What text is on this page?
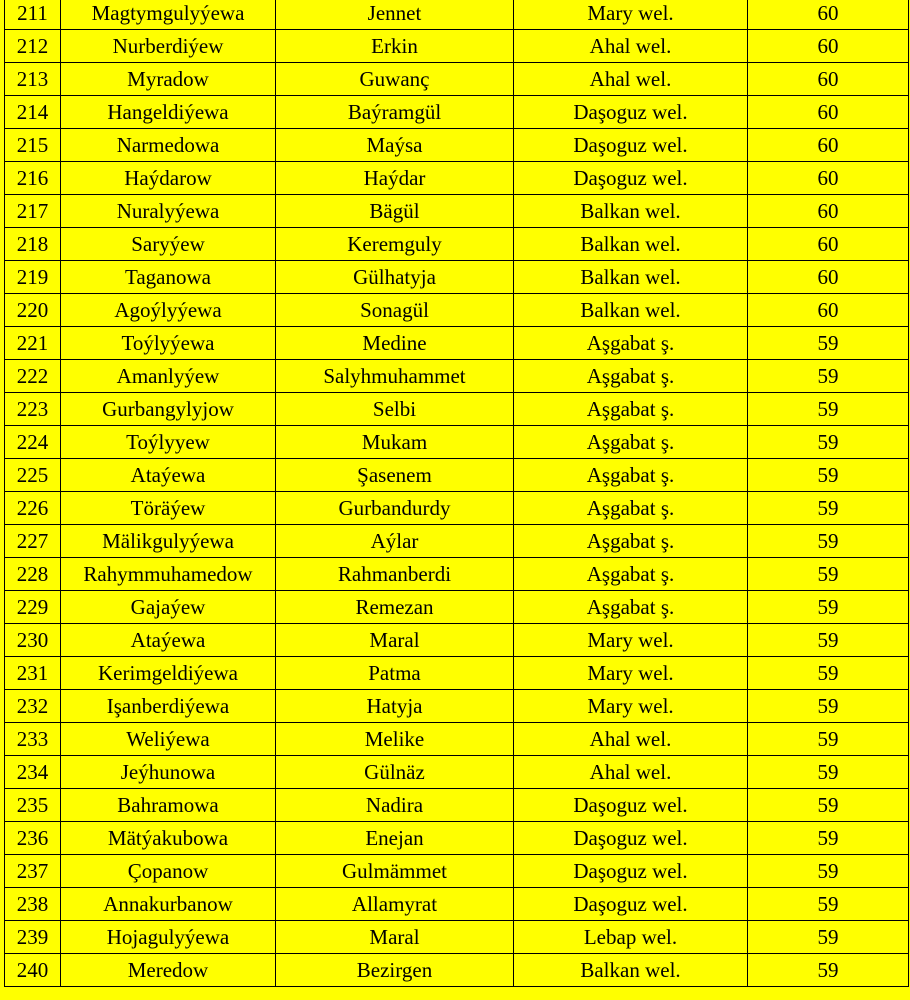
211	Magtymgulyýewa	Jennet	Mary wel.	60
212	Nurberdiýew	Erkin	Ahal wel.	60
213	Myradow	Guwanç	Ahal wel.	60
214	Hangeldiýewa	Baýramgül	Daşoguz wel.	60
215	Narmedowa	Maýsa	Daşoguz wel.	60
216	Haýdarow	Haýdar	Daşoguz wel.	60
217	Nuralyýewa	Bägül	Balkan wel.	60
218	Saryýew	Keremguly	Balkan wel.	60
219	Taganowa	Gülhatyja	Balkan wel.	60
220	Agoýlyýewa	Sonagül	Balkan wel.	60
221	Toýlyýewa	Medine	Aşgabat ş.	59
222	Amanlyýew	Salyhmuhammet	Aşgabat ş.	59
223	Gurbangylyjow	Selbi	Aşgabat ş.	59
224	Toýlyyew	Mukam	Aşgabat ş.	59
225	Ataýewa	Şasenem	Aşgabat ş.	59
226	Töräýew	Gurbandurdy	Aşgabat ş.	59
227	Mälikgulyýewa	Aýlar	Aşgabat ş.	59
228	Rahymmuhamedow	Rahmanberdi	Aşgabat ş.	59
229	Gajaýew	Remezan	Aşgabat ş.	59
230	Ataýewa	Maral	Mary wel.	59
231	Kerimgeldiýewa	Patma	Mary wel.	59
232	Işanberdiýewa	Hatyja	Mary wel.	59
233	Weliýewa	Melike	Ahal wel.	59
234	Jeýhunowa	Gülnäz	Ahal wel.	59
235	Bahramowa	Nadira	Daşoguz wel.	59
236	Mätýakubowa	Enejan	Daşoguz wel.	59
237	Çopanow	Gulmämmet	Daşoguz wel.	59
238	Annakurbanow	Allamyrat	Daşoguz wel.	59
239	Hojagulyýewa	Maral	Lebap wel.	59
240	Meredow	Bezirgen	Balkan wel.	59
